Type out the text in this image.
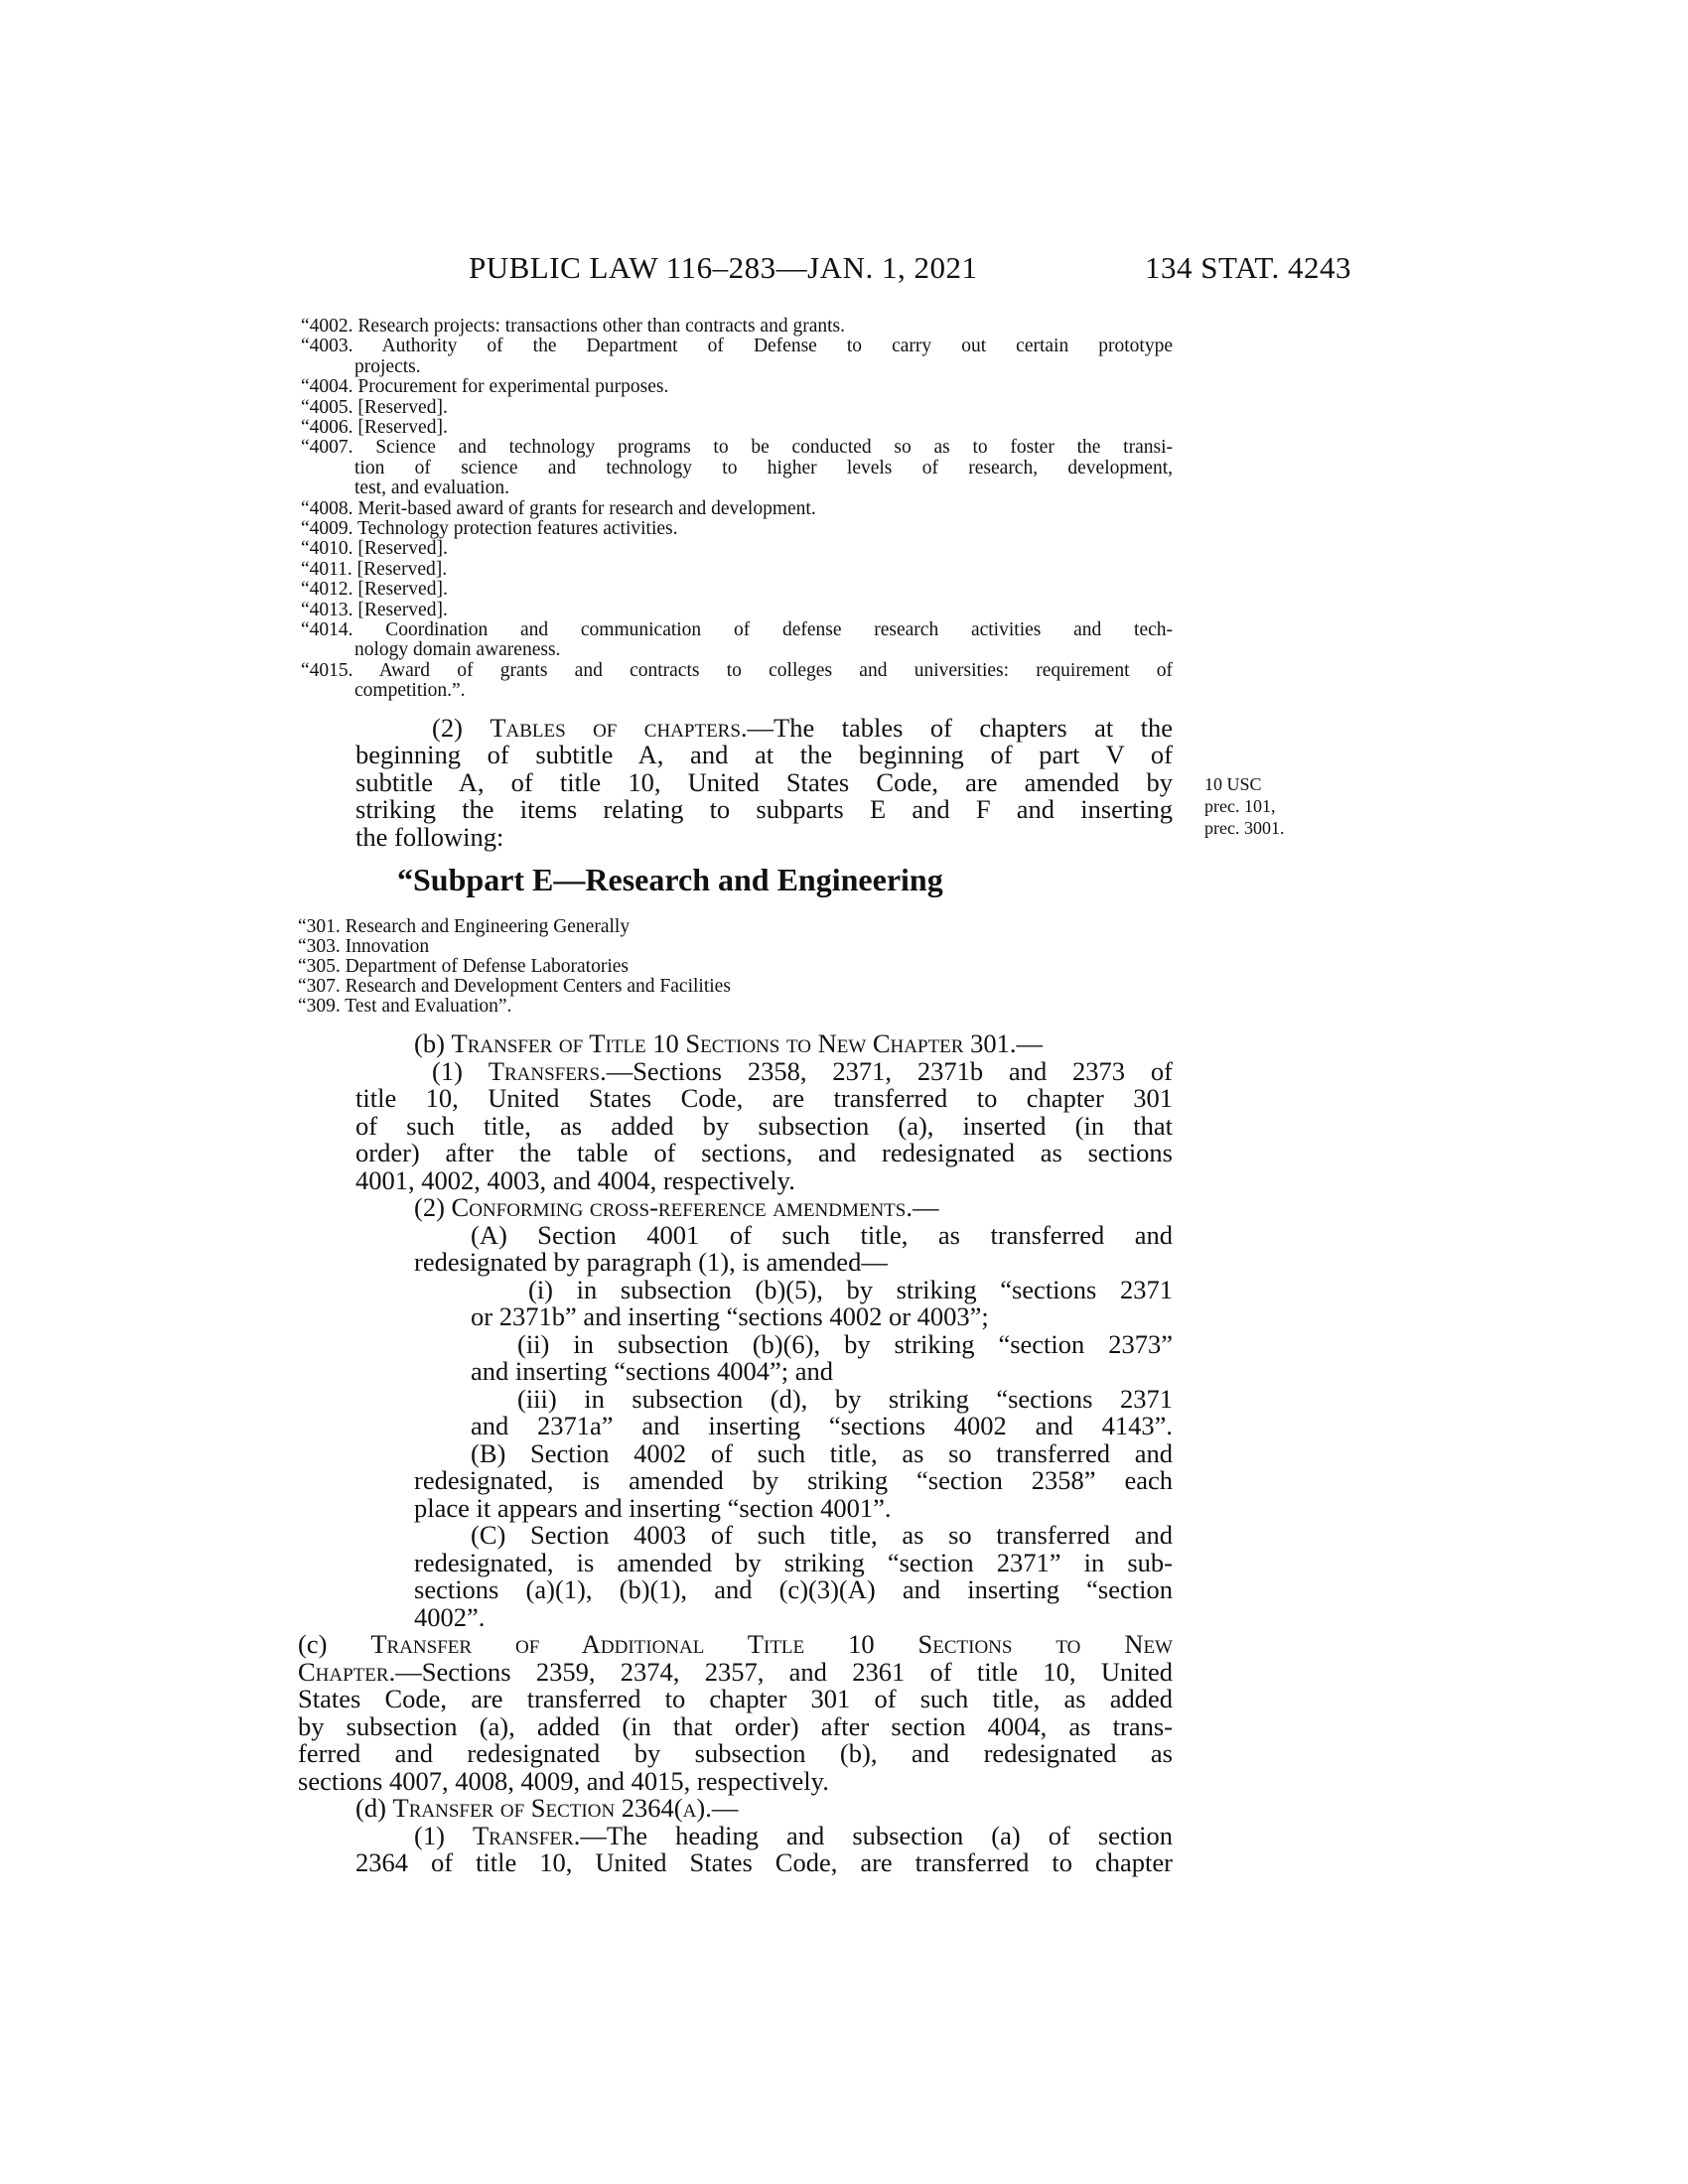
PUBLIC LAW 116–283—JAN. 1, 2021	134 STAT. 4243
“Subpart E—Research and Engineering
“4002. Research projects: transactions other than contracts and grants.
“4003. Authority of the Department of Defense to carry out certain prototype
projects.
“4004. Procurement for experimental purposes.
“4005. [Reserved].
“4006. [Reserved].
“4007. Science and technology programs to be conducted so as to foster the transi-
tion of science and technology to higher levels of research, development,
test, and evaluation.
“4008. Merit-based award of grants for research and development.
“4009. Technology protection features activities.
“4010. [Reserved].
“4011. [Reserved].
“4012. [Reserved].
“4013. [Reserved].
“4014. Coordination and communication of defense research activities and tech-
nology domain awareness.
“4015. Award of grants and contracts to colleges and universities: requirement of
competition.”.
(2) Tables of chapters.—The tables of chapters at the
beginning of subtitle A, and at the beginning of part V of
subtitle A, of title 10, United States Code, are amended by
striking the items relating to subparts E and F and inserting
the following:
10 USC
prec. 101,
prec. 3001.
“301. Research and Engineering Generally
“303. Innovation
“305. Department of Defense Laboratories
“307. Research and Development Centers and Facilities
“309. Test and Evaluation”.
(b) Transfer of Title 10 Sections to New Chapter 301.—
(1) Transfers.—Sections 2358, 2371, 2371b and 2373 of
title 10, United States Code, are transferred to chapter 301
of such title, as added by subsection (a), inserted (in that
order) after the table of sections, and redesignated as sections
4001, 4002, 4003, and 4004, respectively.
(2) Conforming cross-reference amendments.—
(A) Section 4001 of such title, as transferred and
redesignated by paragraph (1), is amended—
(i) in subsection (b)(5), by striking “sections 2371
or 2371b” and inserting “sections 4002 or 4003”;
(ii) in subsection (b)(6), by striking “section 2373”
and inserting “sections 4004”; and
(iii) in subsection (d), by striking “sections 2371
and 2371a” and inserting “sections 4002 and 4143”.
(B) Section 4002 of such title, as so transferred and
redesignated, is amended by striking “section 2358” each
place it appears and inserting “section 4001”.
(C) Section 4003 of such title, as so transferred and
redesignated, is amended by striking “section 2371” in sub-
sections (a)(1), (b)(1), and (c)(3)(A) and inserting “section
4002”.
(c) Transfer of Additional Title 10 Sections to New
Chapter.—Sections 2359, 2374, 2357, and 2361 of title 10, United
States Code, are transferred to chapter 301 of such title, as added
by subsection (a), added (in that order) after section 4004, as trans-
ferred and redesignated by subsection (b), and redesignated as
sections 4007, 4008, 4009, and 4015, respectively.
(d) Transfer of Section 2364(a).—
(1) Transfer.—The heading and subsection (a) of section
2364 of title 10, United States Code, are transferred to chapter
